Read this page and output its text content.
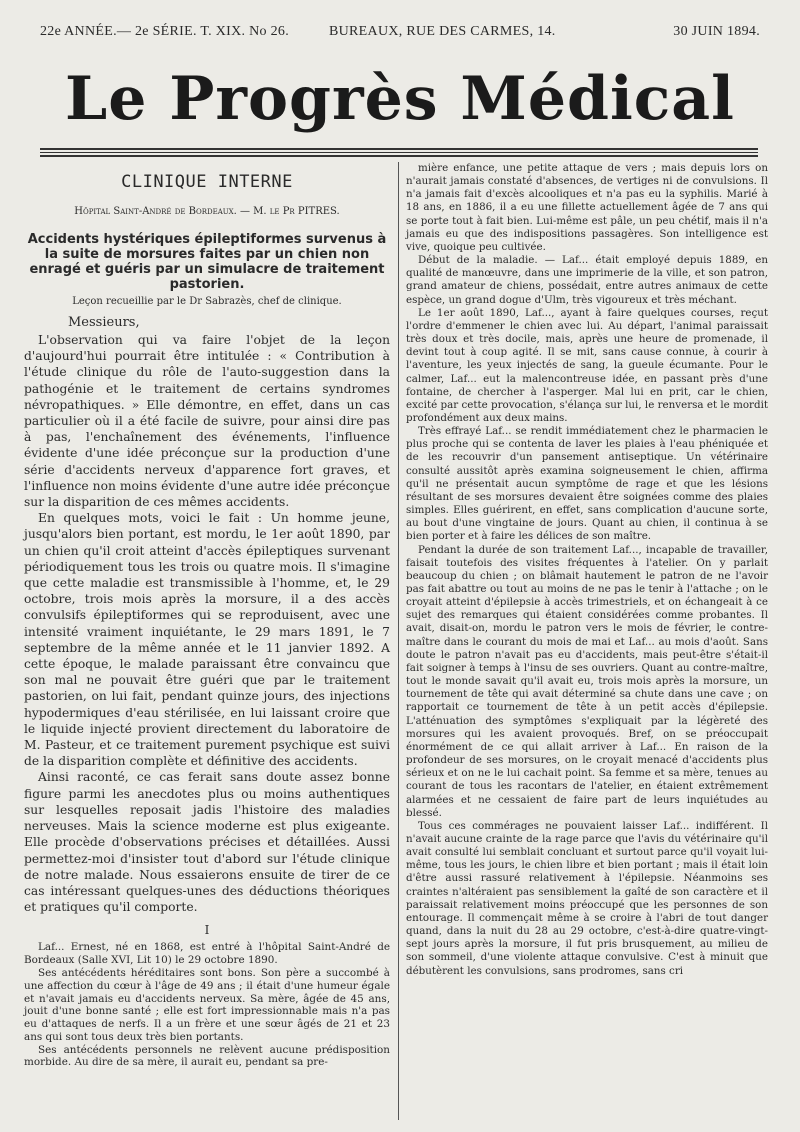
22e ANNÉE.— 2e SÉRIE. T. XIX. No 26.	BUREAUX, RUE DES CARMES, 14.	30 JUIN 1894.
Le Progrès Médical
CLINIQUE INTERNE
Hôpital Saint-André de Bordeaux. — M. le Pr PITRES.
Accidents hystériques épileptiformes survenus à la suite de morsures faites par un chien non enragé et guéris par un simulacre de traitement pastorien.
Leçon recueillie par le Dr Sabrazès, chef de clinique.
Messieurs,

L'observation qui va faire l'objet de la leçon d'aujourd'hui pourrait être intitulée : « Contribution à l'étude clinique du rôle de l'auto-suggestion dans la pathogénie et le traitement de certains syndromes névropathiques. » Elle démontre, en effet, dans un cas particulier où il a été facile de suivre, pour ainsi dire pas à pas, l'enchaînement des événements, l'influence évidente d'une idée préconçue sur la production d'une série d'accidents nerveux d'apparence fort graves, et l'influence non moins évidente d'une autre idée préconçue sur la disparition de ces mêmes accidents.

En quelques mots, voici le fait : Un homme jeune, jusqu'alors bien portant, est mordu, le 1er août 1890, par un chien qu'il croit atteint d'accès épileptiques survenant périodiquement tous les trois ou quatre mois. Il s'imagine que cette maladie est transmissible à l'homme, et, le 29 octobre, trois mois après la morsure, il a des accès convulsifs épileptiformes qui se reproduisent, avec une intensité vraiment inquiétante, le 29 mars 1891, le 7 septembre de la même année et le 11 janvier 1892. A cette époque, le malade paraissant être convaincu que son mal ne pouvait être guéri que par le traitement pastorien, on lui fait, pendant quinze jours, des injections hypodermiques d'eau stérilisée, en lui laissant croire que le liquide injecté provient directement du laboratoire de M. Pasteur, et ce traitement purement psychique est suivi de la disparition complète et définitive des accidents.

Ainsi raconté, ce cas ferait sans doute assez bonne figure parmi les anecdotes plus ou moins authentiques sur lesquelles reposait jadis l'histoire des maladies nerveuses. Mais la science moderne est plus exigeante. Elle procède d'observations précises et détaillées. Aussi permettez-moi d'insister tout d'abord sur l'étude clinique de notre malade. Nous essaierons ensuite de tirer de ce cas intéressant quelques-unes des déductions théoriques et pratiques qu'il comporte.

I

Laf... Ernest, né en 1868, est entré à l'hôpital Saint-André de Bordeaux (Salle XVI, Lit 10) le 29 octobre 1890.

Ses antécédents héréditaires sont bons. Son père a succombé à une affection du cœur à l'âge de 49 ans ; il était d'une humeur égale et n'avait jamais eu d'accidents nerveux. Sa mère, âgée de 45 ans, jouit d'une bonne santé ; elle est fort impressionnable mais n'a pas eu d'attaques de nerfs. Il a un frère et une sœur âgés de 21 et 23 ans qui sont tous deux très bien portants.

Ses antécédents personnels ne relèvent aucune prédisposition morbide. Au dire de sa mère, il aurait eu, pendant sa pre-

mière enfance, une petite attaque de vers ; mais depuis lors on n'aurait jamais constaté d'absences, de vertiges ni de convulsions. Il n'a jamais fait d'excès alcooliques et n'a pas eu la syphilis. Marié à 18 ans, en 1886, il a eu une fillette actuellement âgée de 7 ans qui se porte tout à fait bien. Lui-même est pâle, un peu chétif, mais il n'a jamais eu que des indispositions passagères. Son intelligence est vive, quoique peu cultivée.

Début de la maladie. — Laf... était employé depuis 1889, en qualité de manœuvre, dans une imprimerie de la ville, et son patron, grand amateur de chiens, possédait, entre autres animaux de cette espèce, un grand dogue d'Ulm, très vigoureux et très méchant.

Le 1er août 1890, Laf..., ayant à faire quelques courses, reçut l'ordre d'emmener le chien avec lui. Au départ, l'animal paraissait très doux et très docile, mais, après une heure de promenade, il devint tout à coup agité. Il se mit, sans cause connue, à courir à l'aventure, les yeux injectés de sang, la gueule écumante. Pour le calmer, Laf... eut la malencontreuse idée, en passant près d'une fontaine, de chercher à l'asperger. Mal lui en prit, car le chien, excité par cette provocation, s'élança sur lui, le renversa et le mordit profondément aux deux mains.

Très effrayé Laf... se rendit immédiatement chez le pharmacien le plus proche qui se contenta de laver les plaies à l'eau phéniquée et de les recouvrir d'un pansement antiseptique. Un vétérinaire consulté aussitôt après examina soigneusement le chien, affirma qu'il ne présentait aucun symptôme de rage et que les lésions résultant de ses morsures devaient être soignées comme des plaies simples. Elles guérirent, en effet, sans complication d'aucune sorte, au bout d'une vingtaine de jours. Quant au chien, il continua à se bien porter et à faire les délices de son maître.

Pendant la durée de son traitement Laf..., incapable de travailler, faisait toutefois des visites fréquentes à l'atelier. On y parlait beaucoup du chien ; on blâmait hautement le patron de ne l'avoir pas fait abattre ou tout au moins de ne pas le tenir à l'attache ; on le croyait atteint d'épilepsie à accès trimestriels, et on échangeait à ce sujet des remarques qui étaient considérées comme probantes. Il avait, disait-on, mordu le patron vers le mois de février, le contre-maître dans le courant du mois de mai et Laf... au mois d'août. Sans doute le patron n'avait pas eu d'accidents, mais peut-être s'était-il fait soigner à temps à l'insu de ses ouvriers. Quant au contre-maître, tout le monde savait qu'il avait eu, trois mois après la morsure, un tournement de tête qui avait déterminé sa chute dans une cave ; on rapportait ce tournement de tête à un petit accès d'épilepsie. L'atténuation des symptômes s'expliquait par la légèreté des morsures qui les avaient provoqués. Bref, on se préoccupait énormément de ce qui allait arriver à Laf... En raison de la profondeur de ses morsures, on le croyait menacé d'accidents plus sérieux et on ne le lui cachait point. Sa femme et sa mère, tenues au courant de tous les racontars de l'atelier, en étaient extrêmement alarmées et ne cessaient de faire part de leurs inquiétudes au blessé.

Tous ces commérages ne pouvaient laisser Laf... indifférent. Il n'avait aucune crainte de la rage parce que l'avis du vétérinaire qu'il avait consulté lui semblait concluant et surtout parce qu'il voyait lui-même, tous les jours, le chien libre et bien portant ; mais il était loin d'être aussi rassuré relativement à l'épilepsie. Néanmoins ses craintes n'altéraient pas sensiblement la gaîté de son caractère et il paraissait relativement moins préoccupé que les personnes de son entourage. Il commençait même à se croire à l'abri de tout danger quand, dans la nuit du 28 au 29 octobre, c'est-à-dire quatre-vingt-sept jours après la morsure, il fut pris brusquement, au milieu de son sommeil, d'une violente attaque convulsive. C'est à minuit que débutèrent les convulsions, sans prodromes, sans cri
